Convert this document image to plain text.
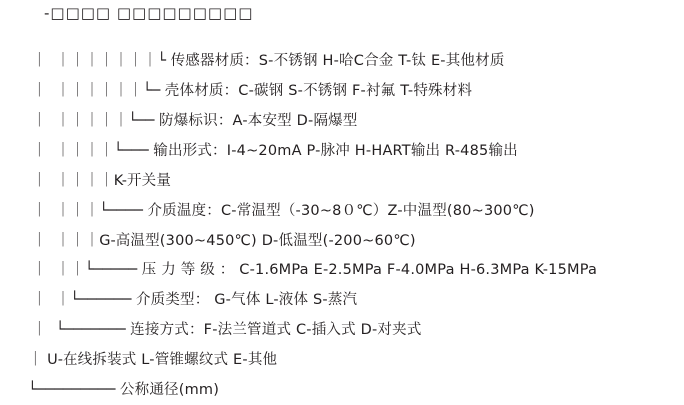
-□□□□ □□□□□□□□□
｜  ｜｜｜｜｜｜｜└ 传感器材质：S-不锈钢 H-哈C合金 T-钛 E-其他材质
｜  ｜｜｜｜｜｜└─ 壳体材质：C-碳钢 S-不锈钢 F-衬氟 T-特殊材料
｜  ｜｜｜｜｜└── 防爆标识：A-本安型 D-隔爆型
｜  ｜｜｜｜└─── 输出形式：I-4~20mA P-脉冲 H-HART输出 R-485输出
｜  ｜｜｜｜K-开关量
｜  ｜｜｜└──── 介质温度：C-常温型（-30~8０℃）Z-中温型(80~300℃)
｜  ｜｜｜G-高温型(300~450℃) D-低温型(-200~60℃)
｜  ｜｜└───── 压 力 等 级 ： C-1.6MPa E-2.5MPa F-4.0MPa H-6.3MPa K-15MPa
｜  ｜└────── 介质类型： G-气体 L-液体 S-蒸汽
｜  └─────── 连接方式：F-法兰管道式 C-插入式 D-对夹式
｜ U-在线拆装式 L-管锥螺纹式 E-其他
└───────── 公称通径(mm)
